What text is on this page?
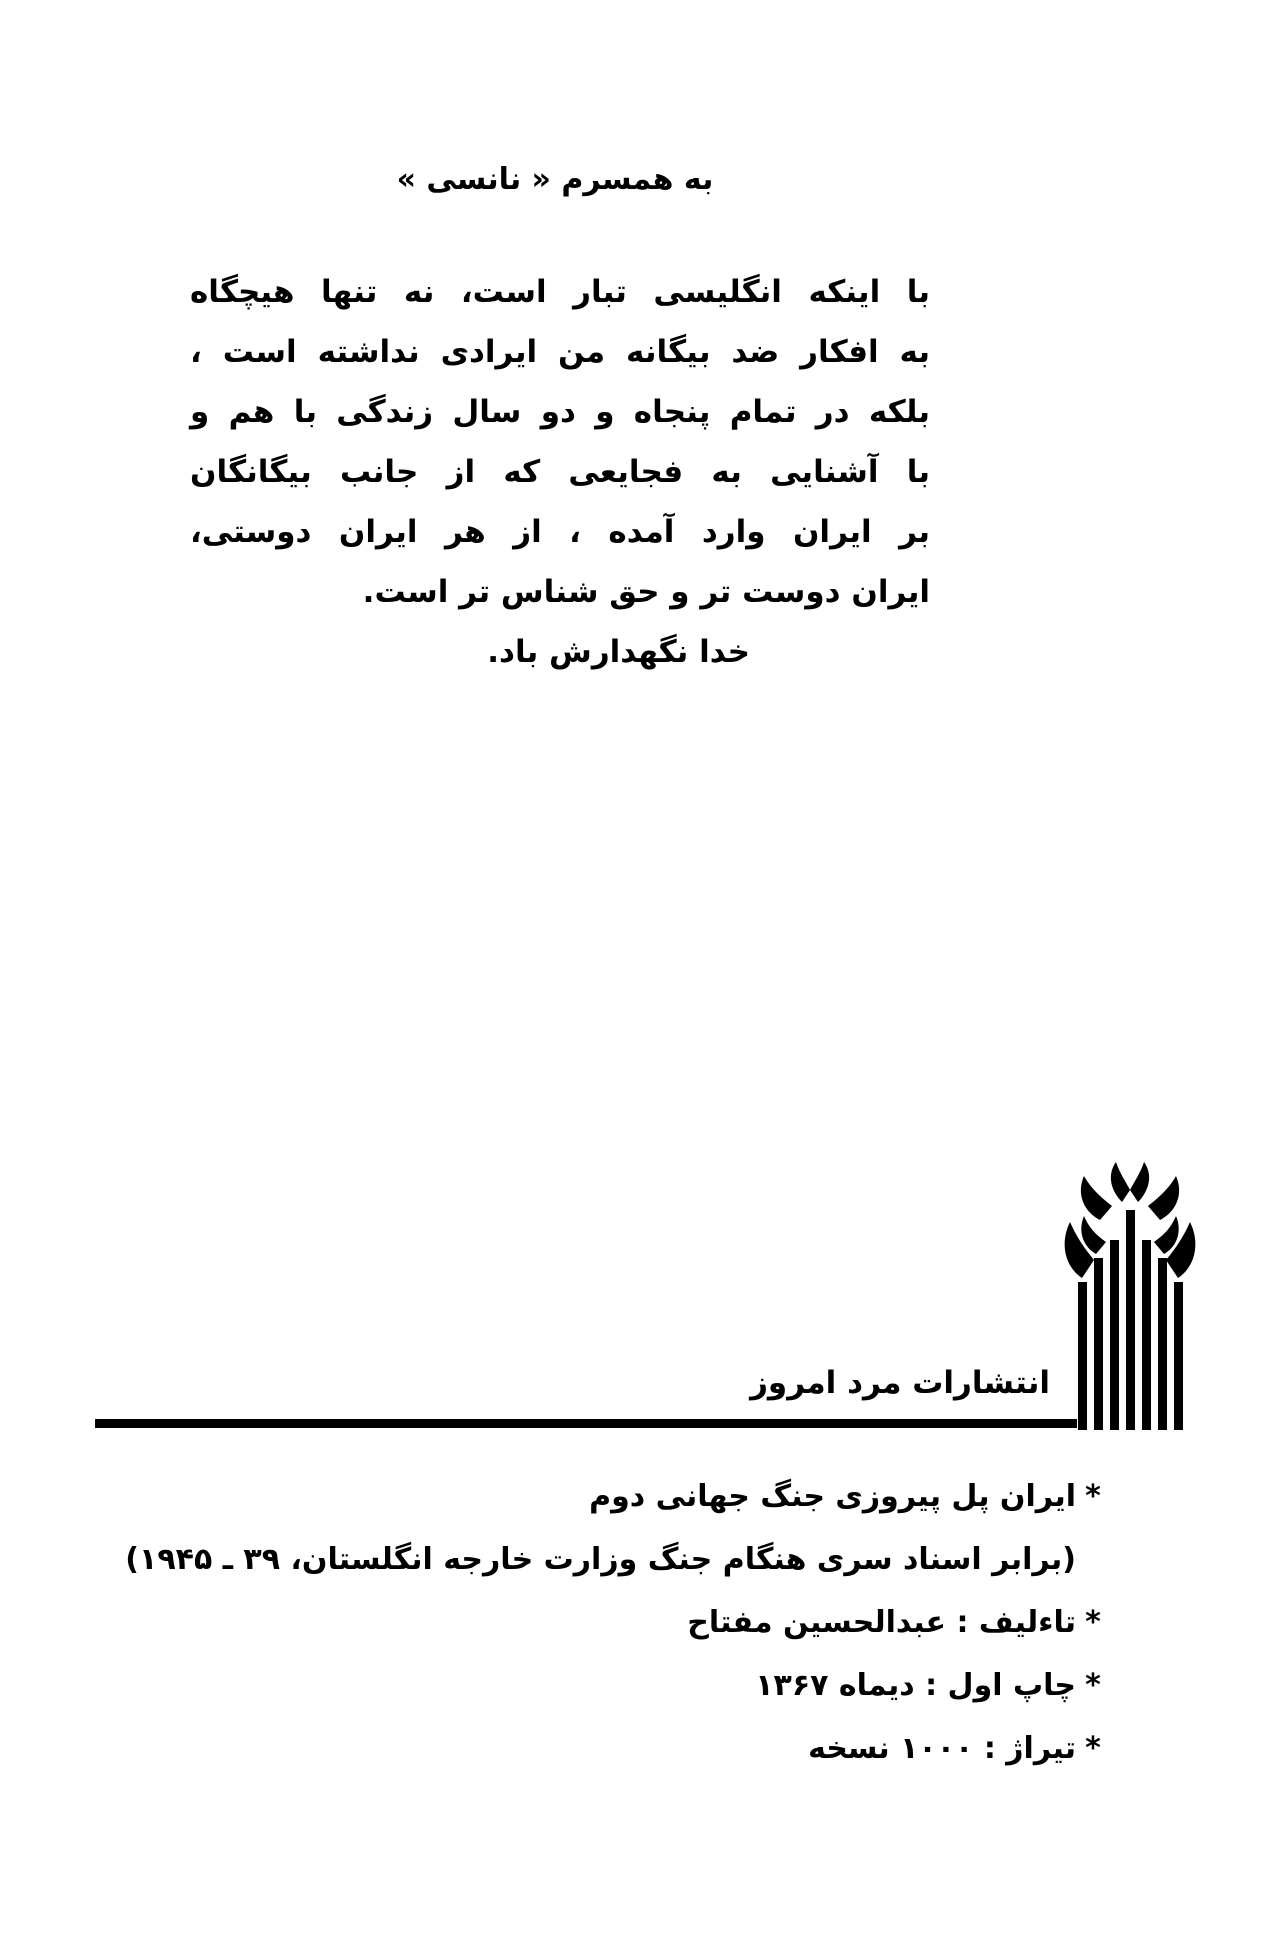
به همسرم « نانسی »
با اینکه انگلیسی تبار است، نه تنها هیچگاه
به افکار ضد بیگانه من ایرادی نداشته است ،
بلکه در تمام پنجاه و دو سال زندگی با هم و
با آشنایی به فجایعی که از جانب بیگانگان
بر ایران وارد آمده ، از هر ایران دوستی،
ایران دوست تر و حق شناس تر است.
خدا نگهدارش باد.
انتشارات مرد امروز
*ایران پل پیروزی جنگ جهانی دوم
(برابر اسناد سری هنگام جنگ وزارت خارجه انگلستان، ۳۹ ـ ۱۹۴۵)
*تاءلیف : عبدالحسین مفتاح
*چاپ اول : دیماه ۱۳۶۷
*تیراژ : ۱۰۰۰ نسخه
